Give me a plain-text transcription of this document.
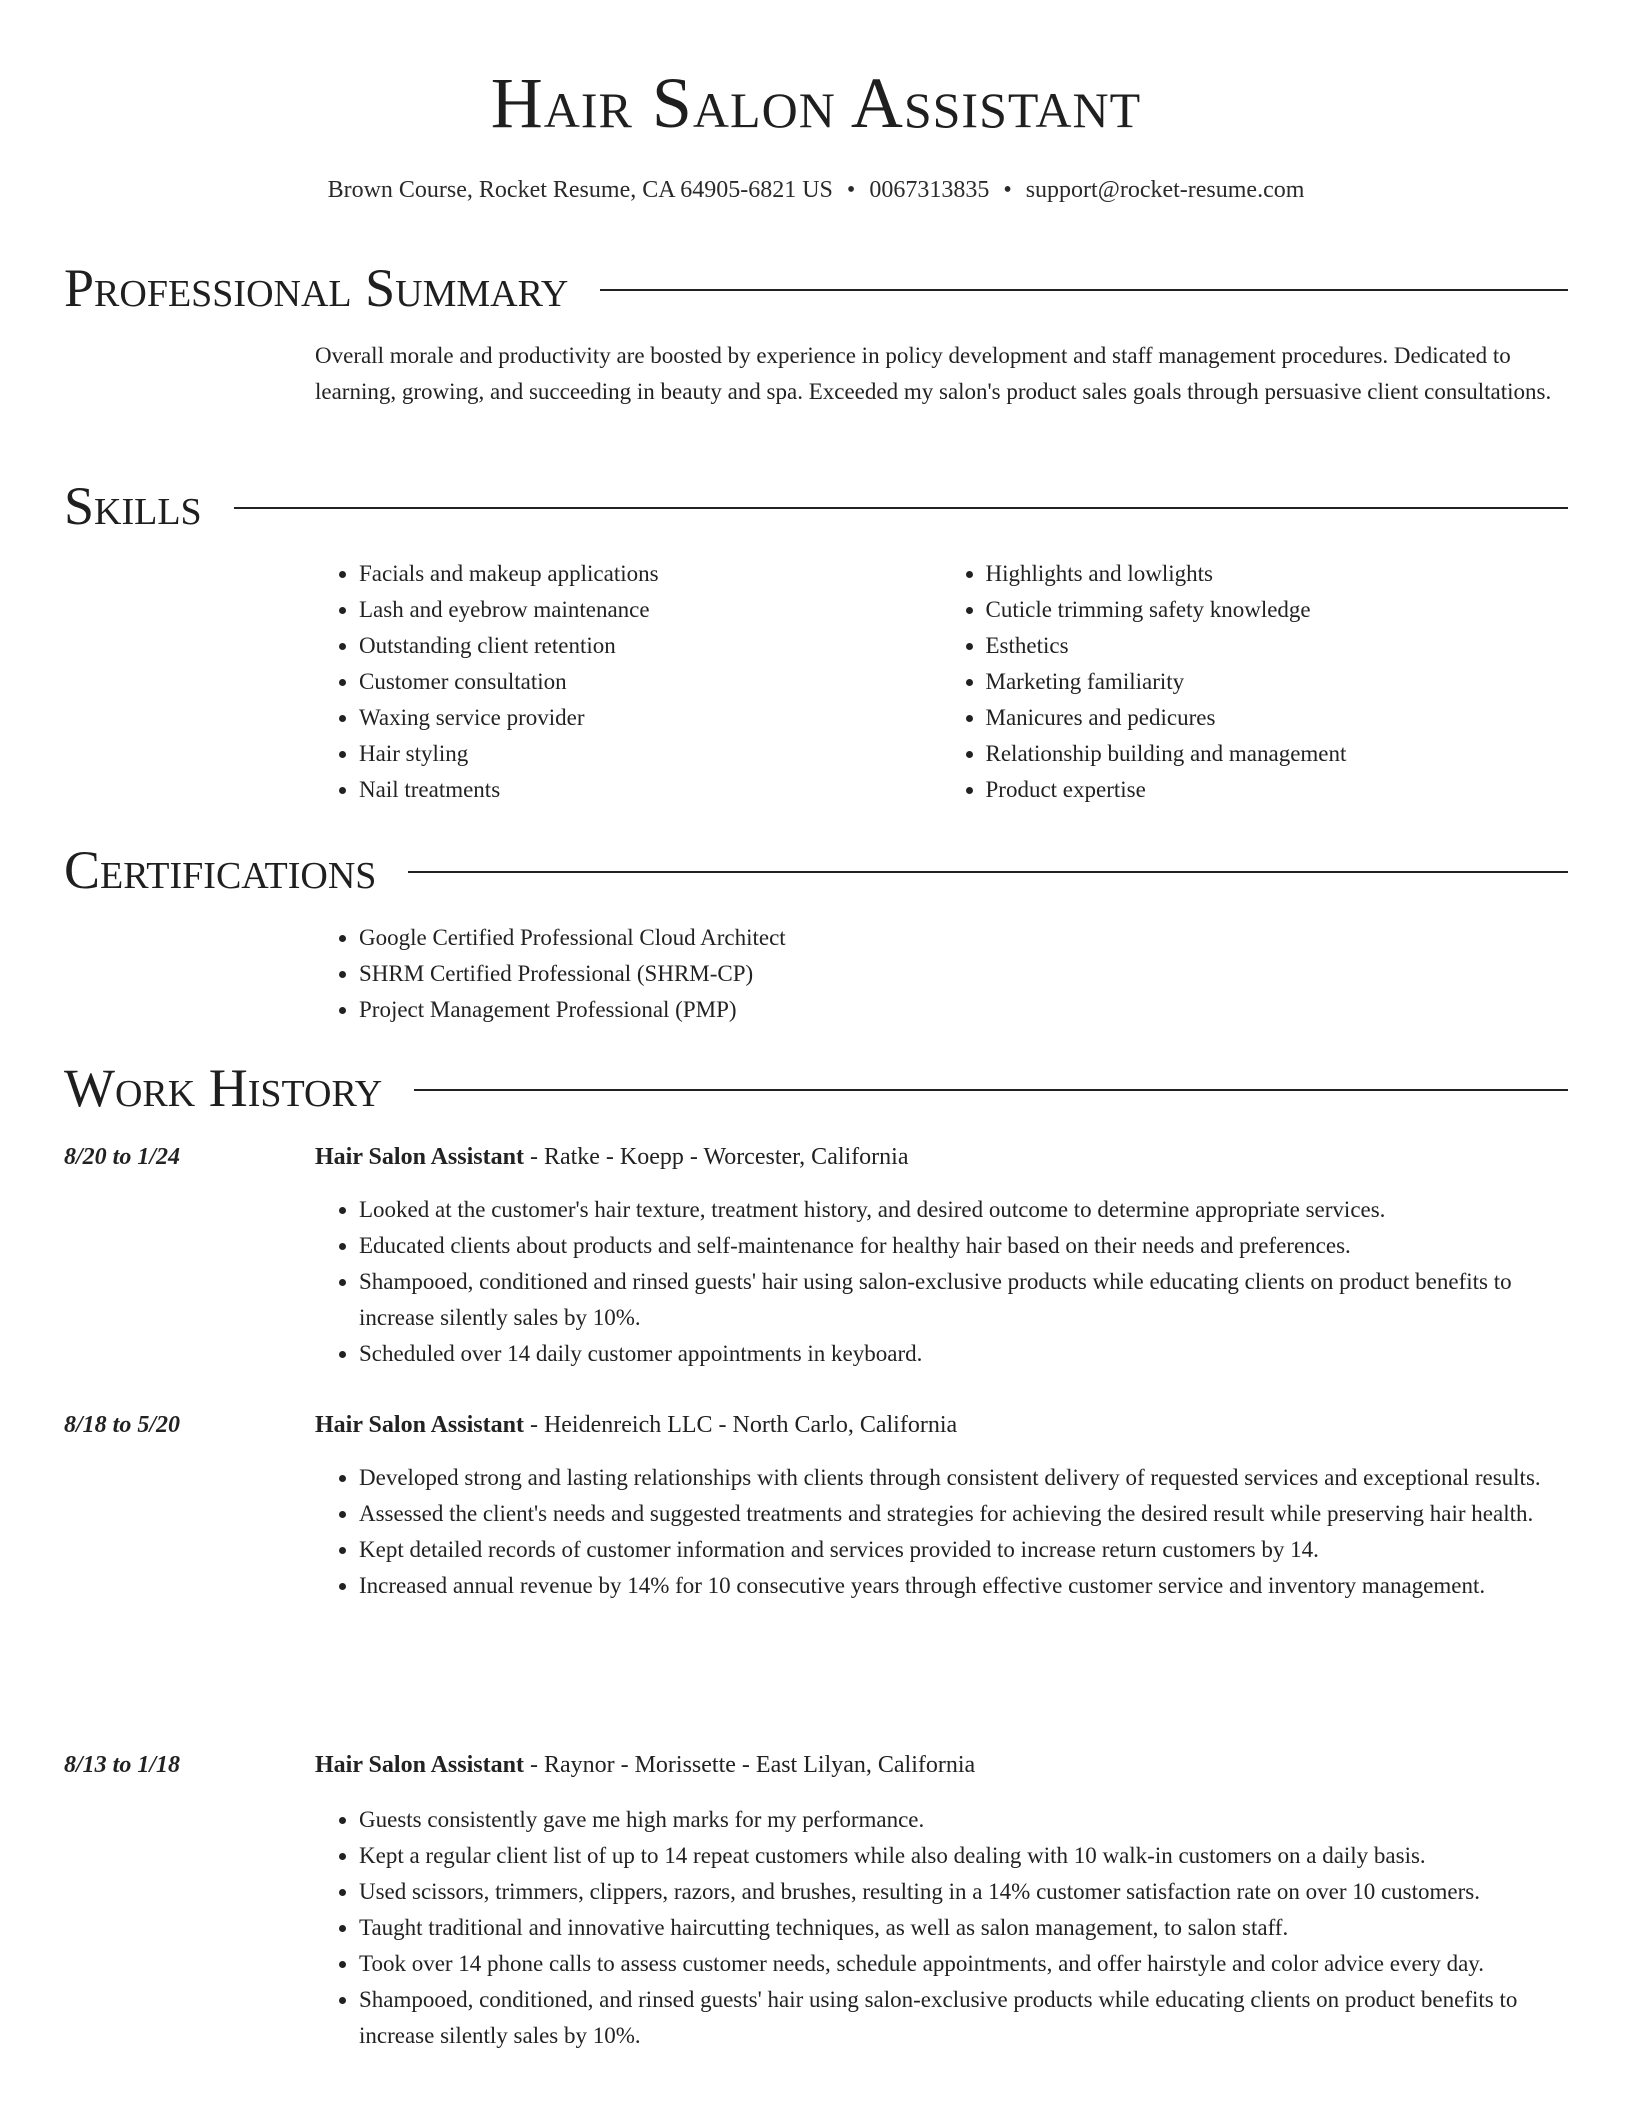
Hair Salon Assistant
Brown Course, Rocket Resume, CA 64905-6821 US • 0067313835 • support@rocket-resume.com
Professional Summary

Overall morale and productivity are boosted by experience in policy development and staff management procedures. Dedicated to learning, growing, and succeeding in beauty and spa. Exceeded my salon's product sales goals through persuasive client consultations.

Skills
• Facials and makeup applications
• Lash and eyebrow maintenance
• Outstanding client retention
• Customer consultation
• Waxing service provider
• Hair styling
• Nail treatments
• Highlights and lowlights
• Cuticle trimming safety knowledge
• Esthetics
• Marketing familiarity
• Manicures and pedicures
• Relationship building and management
• Product expertise
Certifications
• Google Certified Professional Cloud Architect
• SHRM Certified Professional (SHRM-CP)
• Project Management Professional (PMP)
Work History
8/20 to 1/24	Hair Salon Assistant - Ratke - Koepp - Worcester, California
• Looked at the customer's hair texture, treatment history, and desired outcome to determine appropriate services.
• Educated clients about products and self-maintenance for healthy hair based on their needs and preferences.
• Shampooed, conditioned and rinsed guests' hair using salon-exclusive products while educating clients on product benefits to increase silently sales by 10%.
• Scheduled over 14 daily customer appointments in keyboard.
8/18 to 5/20	Hair Salon Assistant - Heidenreich LLC - North Carlo, California
• Developed strong and lasting relationships with clients through consistent delivery of requested services and exceptional results.
• Assessed the client's needs and suggested treatments and strategies for achieving the desired result while preserving hair health.
• Kept detailed records of customer information and services provided to increase return customers by 14.
• Increased annual revenue by 14% for 10 consecutive years through effective customer service and inventory management.
8/13 to 1/18	Hair Salon Assistant - Raynor - Morissette - East Lilyan, California
• Guests consistently gave me high marks for my performance.
• Kept a regular client list of up to 14 repeat customers while also dealing with 10 walk-in customers on a daily basis.
• Used scissors, trimmers, clippers, razors, and brushes, resulting in a 14% customer satisfaction rate on over 10 customers.
• Taught traditional and innovative haircutting techniques, as well as salon management, to salon staff.
• Took over 14 phone calls to assess customer needs, schedule appointments, and offer hairstyle and color advice every day.
• Shampooed, conditioned, and rinsed guests' hair using salon-exclusive products while educating clients on product benefits to increase silently sales by 10%.
